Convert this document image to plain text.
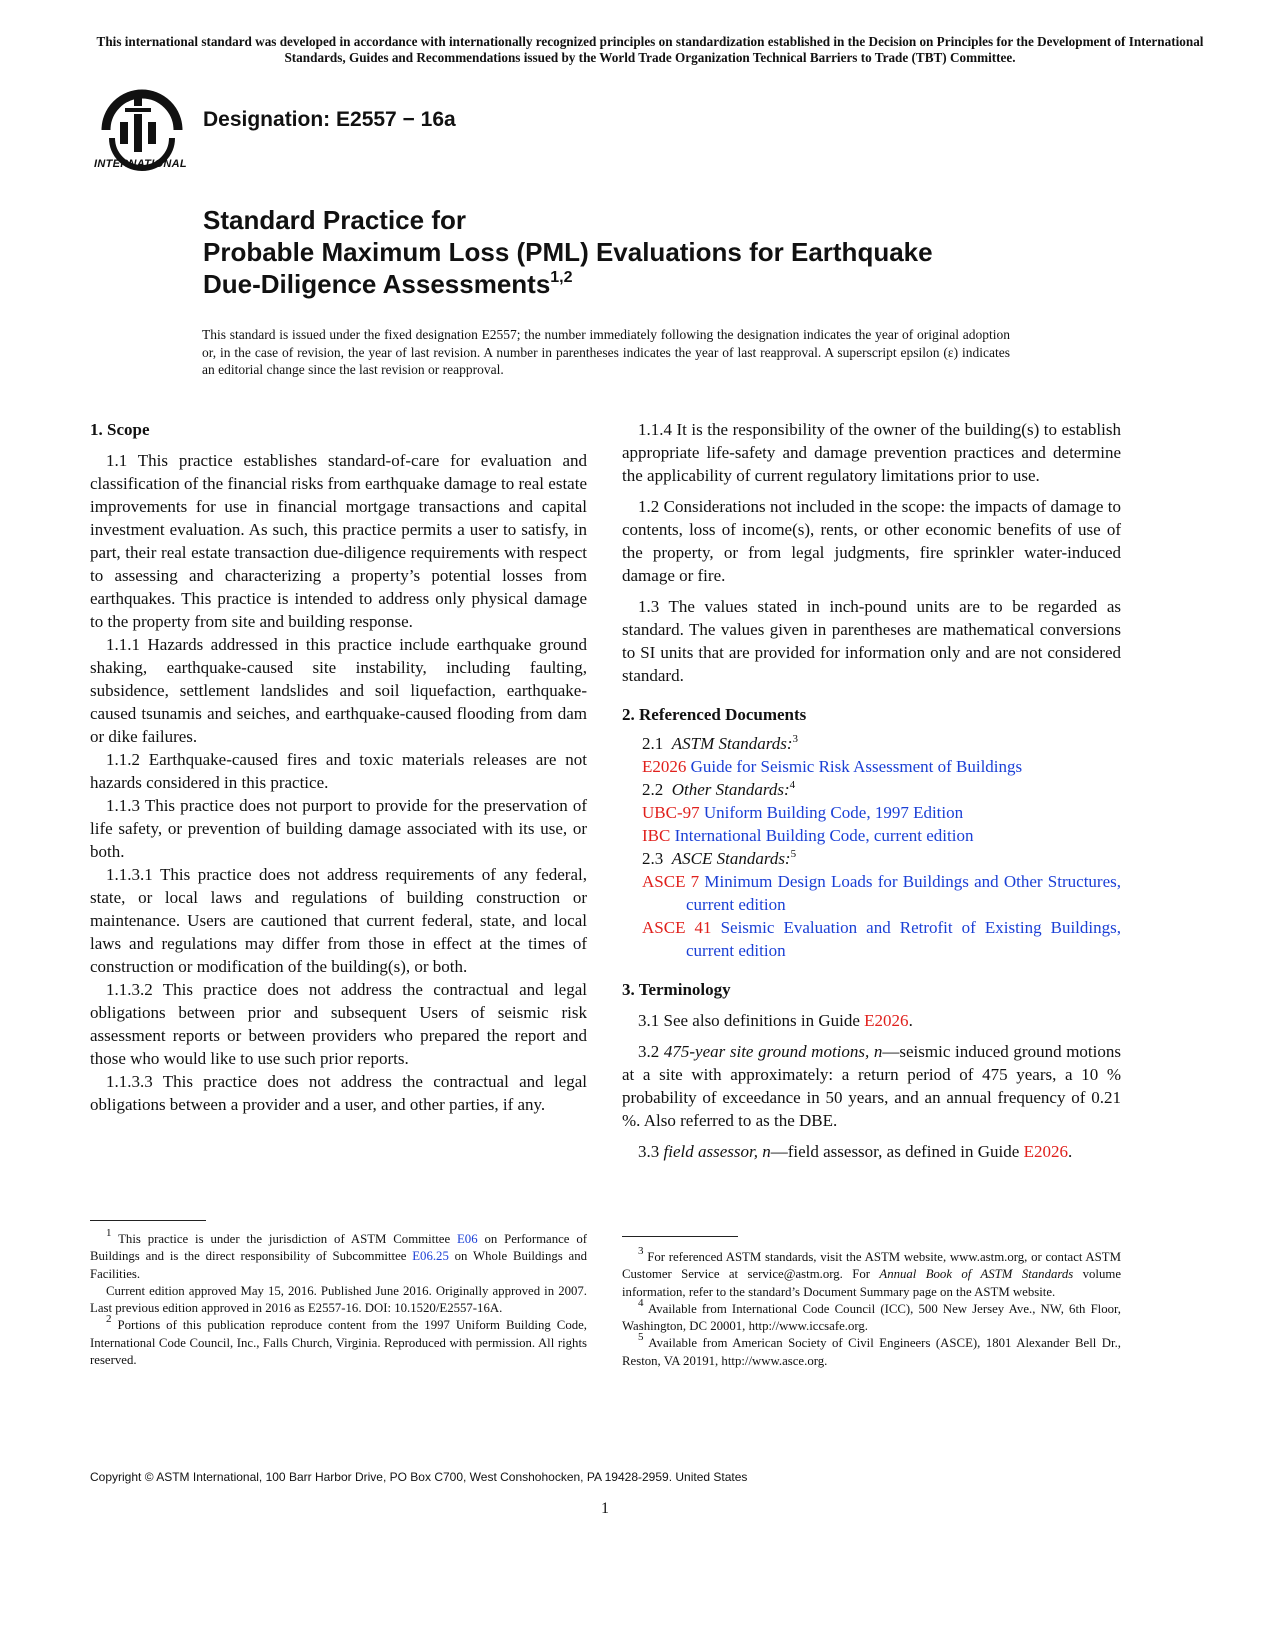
This international standard was developed in accordance with internationally recognized principles on standardization established in the Decision on Principles for the Development of International Standards, Guides and Recommendations issued by the World Trade Organization Technical Barriers to Trade (TBT) Committee.
INTERNATIONAL
Designation: E2557 − 16a
Standard Practice for
Probable Maximum Loss (PML) Evaluations for Earthquake
Due-Diligence Assessments$^{1,2}$
This standard is issued under the fixed designation E2557; the number immediately following the designation indicates the year of original adoption or, in the case of revision, the year of last revision. A number in parentheses indicates the year of last reapproval. A superscript epsilon (ε) indicates an editorial change since the last revision or reapproval.
1. Scope

1.1 This practice establishes standard-of-care for evaluation and classification of the financial risks from earthquake damage to real estate improvements for use in financial mortgage transactions and capital investment evaluation. As such, this practice permits a user to satisfy, in part, their real estate transaction due-diligence requirements with respect to assessing and characterizing a property’s potential losses from earthquakes. This practice is intended to address only physical damage to the property from site and building response.

1.1.1 Hazards addressed in this practice include earthquake ground shaking, earthquake-caused site instability, including faulting, subsidence, settlement landslides and soil liquefaction, earthquake-caused tsunamis and seiches, and earthquake-caused flooding from dam or dike failures.

1.1.2 Earthquake-caused fires and toxic materials releases are not hazards considered in this practice.

1.1.3 This practice does not purport to provide for the preservation of life safety, or prevention of building damage associated with its use, or both.

1.1.3.1 This practice does not address requirements of any federal, state, or local laws and regulations of building construction or maintenance. Users are cautioned that current federal, state, and local laws and regulations may differ from those in effect at the times of construction or modification of the building(s), or both.

1.1.3.2 This practice does not address the contractual and legal obligations between prior and subsequent Users of seismic risk assessment reports or between providers who prepared the report and those who would like to use such prior reports.

1.1.3.3 This practice does not address the contractual and legal obligations between a provider and a user, and other parties, if any.

1.1.4 It is the responsibility of the owner of the building(s) to establish appropriate life-safety and damage prevention practices and determine the applicability of current regulatory limitations prior to use.

1.2 Considerations not included in the scope: the impacts of damage to contents, loss of income(s), rents, or other economic benefits of use of the property, or from legal judgments, fire sprinkler water-induced damage or fire.

1.3 The values stated in inch-pound units are to be regarded as standard. The values given in parentheses are mathematical conversions to SI units that are provided for information only and are not considered standard.

2. Referenced Documents
2.1 ASTM Standards:$^3$

E2026 Guide for Seismic Risk Assessment of Buildings

2.2 Other Standards:$^4$

UBC-97 Uniform Building Code, 1997 Edition

IBC International Building Code, current edition

2.3 ASCE Standards:$^5$

ASCE 7 Minimum Design Loads for Buildings and Other Structures, current edition

ASCE 41 Seismic Evaluation and Retrofit of Existing Buildings, current edition

3. Terminology

3.1 See also definitions in Guide E2026.

3.2 475-year site ground motions, n—seismic induced ground motions at a site with approximately: a return period of 475 years, a 10 % probability of exceedance in 50 years, and an annual frequency of 0.21 %. Also referred to as the DBE.

3.3 field assessor, n—field assessor, as defined in Guide E2026.

$^1$ This practice is under the jurisdiction of ASTM Committee E06 on Performance of Buildings and is the direct responsibility of Subcommittee E06.25 on Whole Buildings and Facilities.

Current edition approved May 15, 2016. Published June 2016. Originally approved in 2007. Last previous edition approved in 2016 as E2557-16. DOI: 10.1520/E2557-16A.

$^2$ Portions of this publication reproduce content from the 1997 Uniform Building Code, International Code Council, Inc., Falls Church, Virginia. Reproduced with permission. All rights reserved.

$^3$ For referenced ASTM standards, visit the ASTM website, www.astm.org, or contact ASTM Customer Service at service@astm.org. For Annual Book of ASTM Standards volume information, refer to the standard’s Document Summary page on the ASTM website.

$^4$ Available from International Code Council (ICC), 500 New Jersey Ave., NW, 6th Floor, Washington, DC 20001, http://www.iccsafe.org.

$^5$ Available from American Society of Civil Engineers (ASCE), 1801 Alexander Bell Dr., Reston, VA 20191, http://www.asce.org.

Copyright © ASTM International, 100 Barr Harbor Drive, PO Box C700, West Conshohocken, PA 19428-2959. United States
1
